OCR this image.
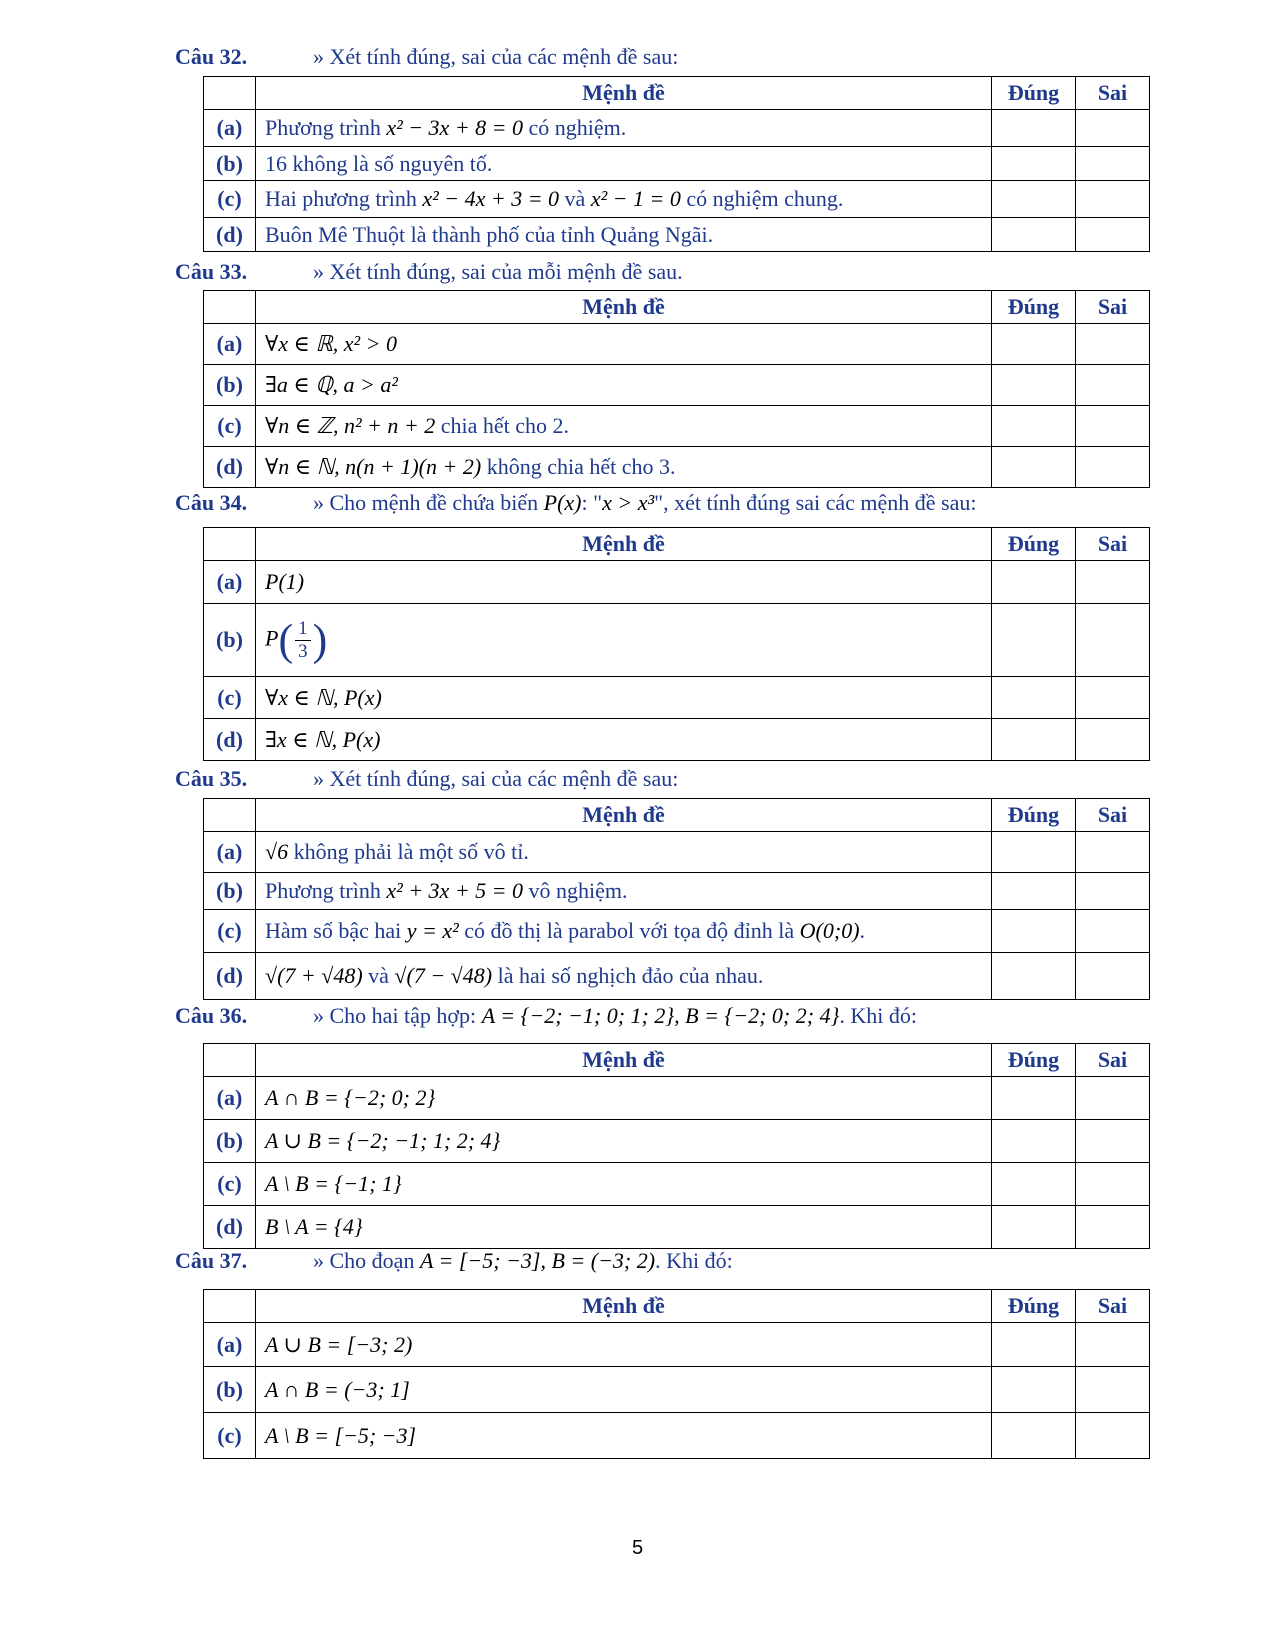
Câu 32.	» Xét tính đúng, sai của các mệnh đề sau:
	Mệnh đề	Đúng	Sai
(a)	Phương trình x² − 3x + 8 = 0 có nghiệm.		
(b)	16 không là số nguyên tố.		
(c)	Hai phương trình x² − 4x + 3 = 0 và x² − 1 = 0 có nghiệm chung.		
(d)	Buôn Mê Thuột là thành phố của tỉnh Quảng Ngãi.		
Câu 33.	» Xét tính đúng, sai của mỗi mệnh đề sau.
	Mệnh đề	Đúng	Sai
(a)	∀x ∈ ℝ, x² > 0		
(b)	∃a ∈ ℚ, a > a²		
(c)	∀n ∈ ℤ, n² + n + 2 chia hết cho 2.		
(d)	∀n ∈ ℕ, n(n + 1)(n + 2) không chia hết cho 3.		
Câu 34.	» Cho mệnh đề chứa biến P(x): "x > x³", xét tính đúng sai các mệnh đề sau:
	Mệnh đề	Đúng	Sai
(a)	P(1)		
(b)	$P( \frac{1}{3}$ )		
(c)	∀x ∈ ℕ, P(x)		
(d)	∃x ∈ ℕ, P(x)		
Câu 35.	» Xét tính đúng, sai của các mệnh đề sau:
	Mệnh đề	Đúng	Sai
(a)	√6 không phải là một số vô tỉ.		
(b)	Phương trình x² + 3x + 5 = 0 vô nghiệm.		
(c)	Hàm số bậc hai y = x² có đồ thị là parabol với tọa độ đỉnh là O(0;0).		
(d)	√(7 + √48) và √(7 − √48) là hai số nghịch đảo của nhau.		
Câu 36.	» Cho hai tập hợp: A = {−2; −1; 0; 1; 2}, B = {−2; 0; 2; 4}. Khi đó:
	Mệnh đề	Đúng	Sai
(a)	A ∩ B = {−2; 0; 2}		
(b)	A ∪ B = {−2; −1; 1; 2; 4}		
(c)	A \ B = {−1; 1}		
(d)	B \ A = {4}		
Câu 37.	» Cho đoạn A = [−5; −3], B = (−3; 2). Khi đó:
	Mệnh đề	Đúng	Sai
(a)	A ∪ B = [−3; 2)		
(b)	A ∩ B = (−3; 1]		
(c)	A \ B = [−5; −3]		
5
